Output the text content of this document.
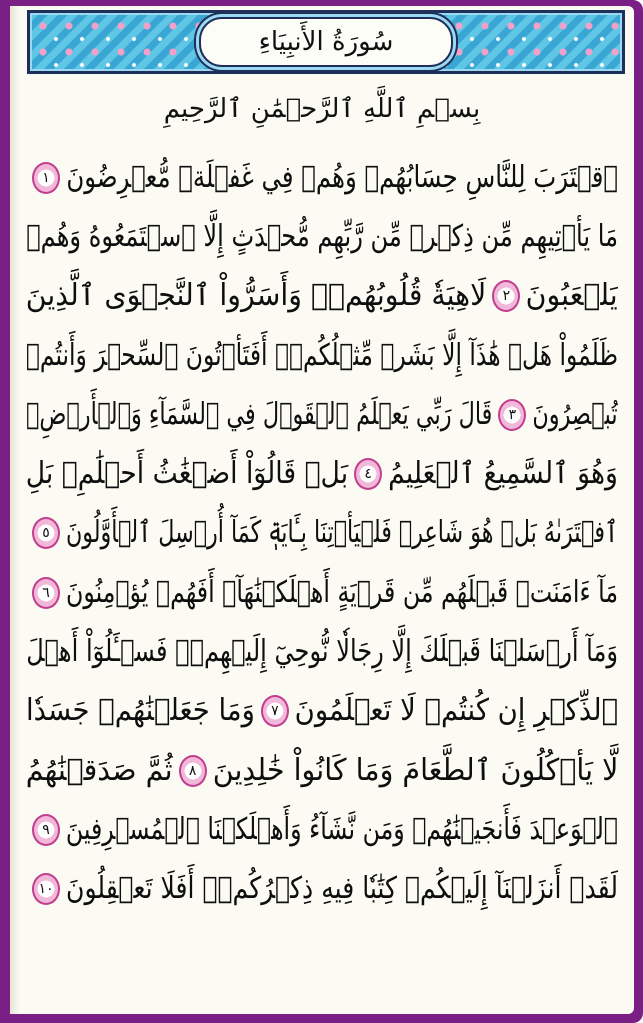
سُورَةُ الأَنبِيَاءِ
بِسۡمِ ٱللَّهِ ٱلرَّحۡمَٰنِ ٱلرَّحِيمِ
ٱقۡتَرَبَ لِلنَّاسِ حِسَابُهُمۡ وَهُمۡ فِي غَفۡلَةٖ مُّعۡرِضُونَ
١
مَا يَأۡتِيهِم مِّن ذِكۡرٖ مِّن رَّبِّهِم مُّحۡدَثٍ إِلَّا ٱسۡتَمَعُوهُ وَهُمۡ
يَلۡعَبُونَ
٢
لَاهِيَةٗ قُلُوبُهُمۡۗ وَأَسَرُّواْ ٱلنَّجۡوَى ٱلَّذِينَ
ظَلَمُواْ هَلۡ هَٰذَآ إِلَّا بَشَرٞ مِّثۡلُكُمۡۖ أَفَتَأۡتُونَ ٱلسِّحۡرَ وَأَنتُمۡ
تُبۡصِرُونَ
٣
قَالَ رَبِّي يَعۡلَمُ ٱلۡقَوۡلَ فِي ٱلسَّمَآءِ وَٱلۡأَرۡضِۖ
وَهُوَ ٱلسَّمِيعُ ٱلۡعَلِيمُ
٤
بَلۡ قَالُوٓاْ أَضۡغَٰثُ أَحۡلَٰمِۭ بَلِ
ٱفۡتَرَىٰهُ بَلۡ هُوَ شَاعِرٞ فَلۡيَأۡتِنَا بِـَٔايَةٖ كَمَآ أُرۡسِلَ ٱلۡأَوَّلُونَ
٥
مَآ ءَامَنَتۡ قَبۡلَهُم مِّن قَرۡيَةٍ أَهۡلَكۡنَٰهَآۖ أَفَهُمۡ يُؤۡمِنُونَ
٦
وَمَآ أَرۡسَلۡنَا قَبۡلَكَ إِلَّا رِجَالٗا نُّوحِيٓ إِلَيۡهِمۡۖ فَسۡـَٔلُوٓاْ أَهۡلَ
ٱلذِّكۡرِ إِن كُنتُمۡ لَا تَعۡلَمُونَ
٧
وَمَا جَعَلۡنَٰهُمۡ جَسَدٗا
لَّا يَأۡكُلُونَ ٱلطَّعَامَ وَمَا كَانُواْ خَٰلِدِينَ
٨
ثُمَّ صَدَقۡنَٰهُمُ
ٱلۡوَعۡدَ فَأَنجَيۡنَٰهُمۡ وَمَن نَّشَآءُ وَأَهۡلَكۡنَا ٱلۡمُسۡرِفِينَ
٩
لَقَدۡ أَنزَلۡنَآ إِلَيۡكُمۡ كِتَٰبٗا فِيهِ ذِكۡرُكُمۡۚ أَفَلَا تَعۡقِلُونَ
١٠
